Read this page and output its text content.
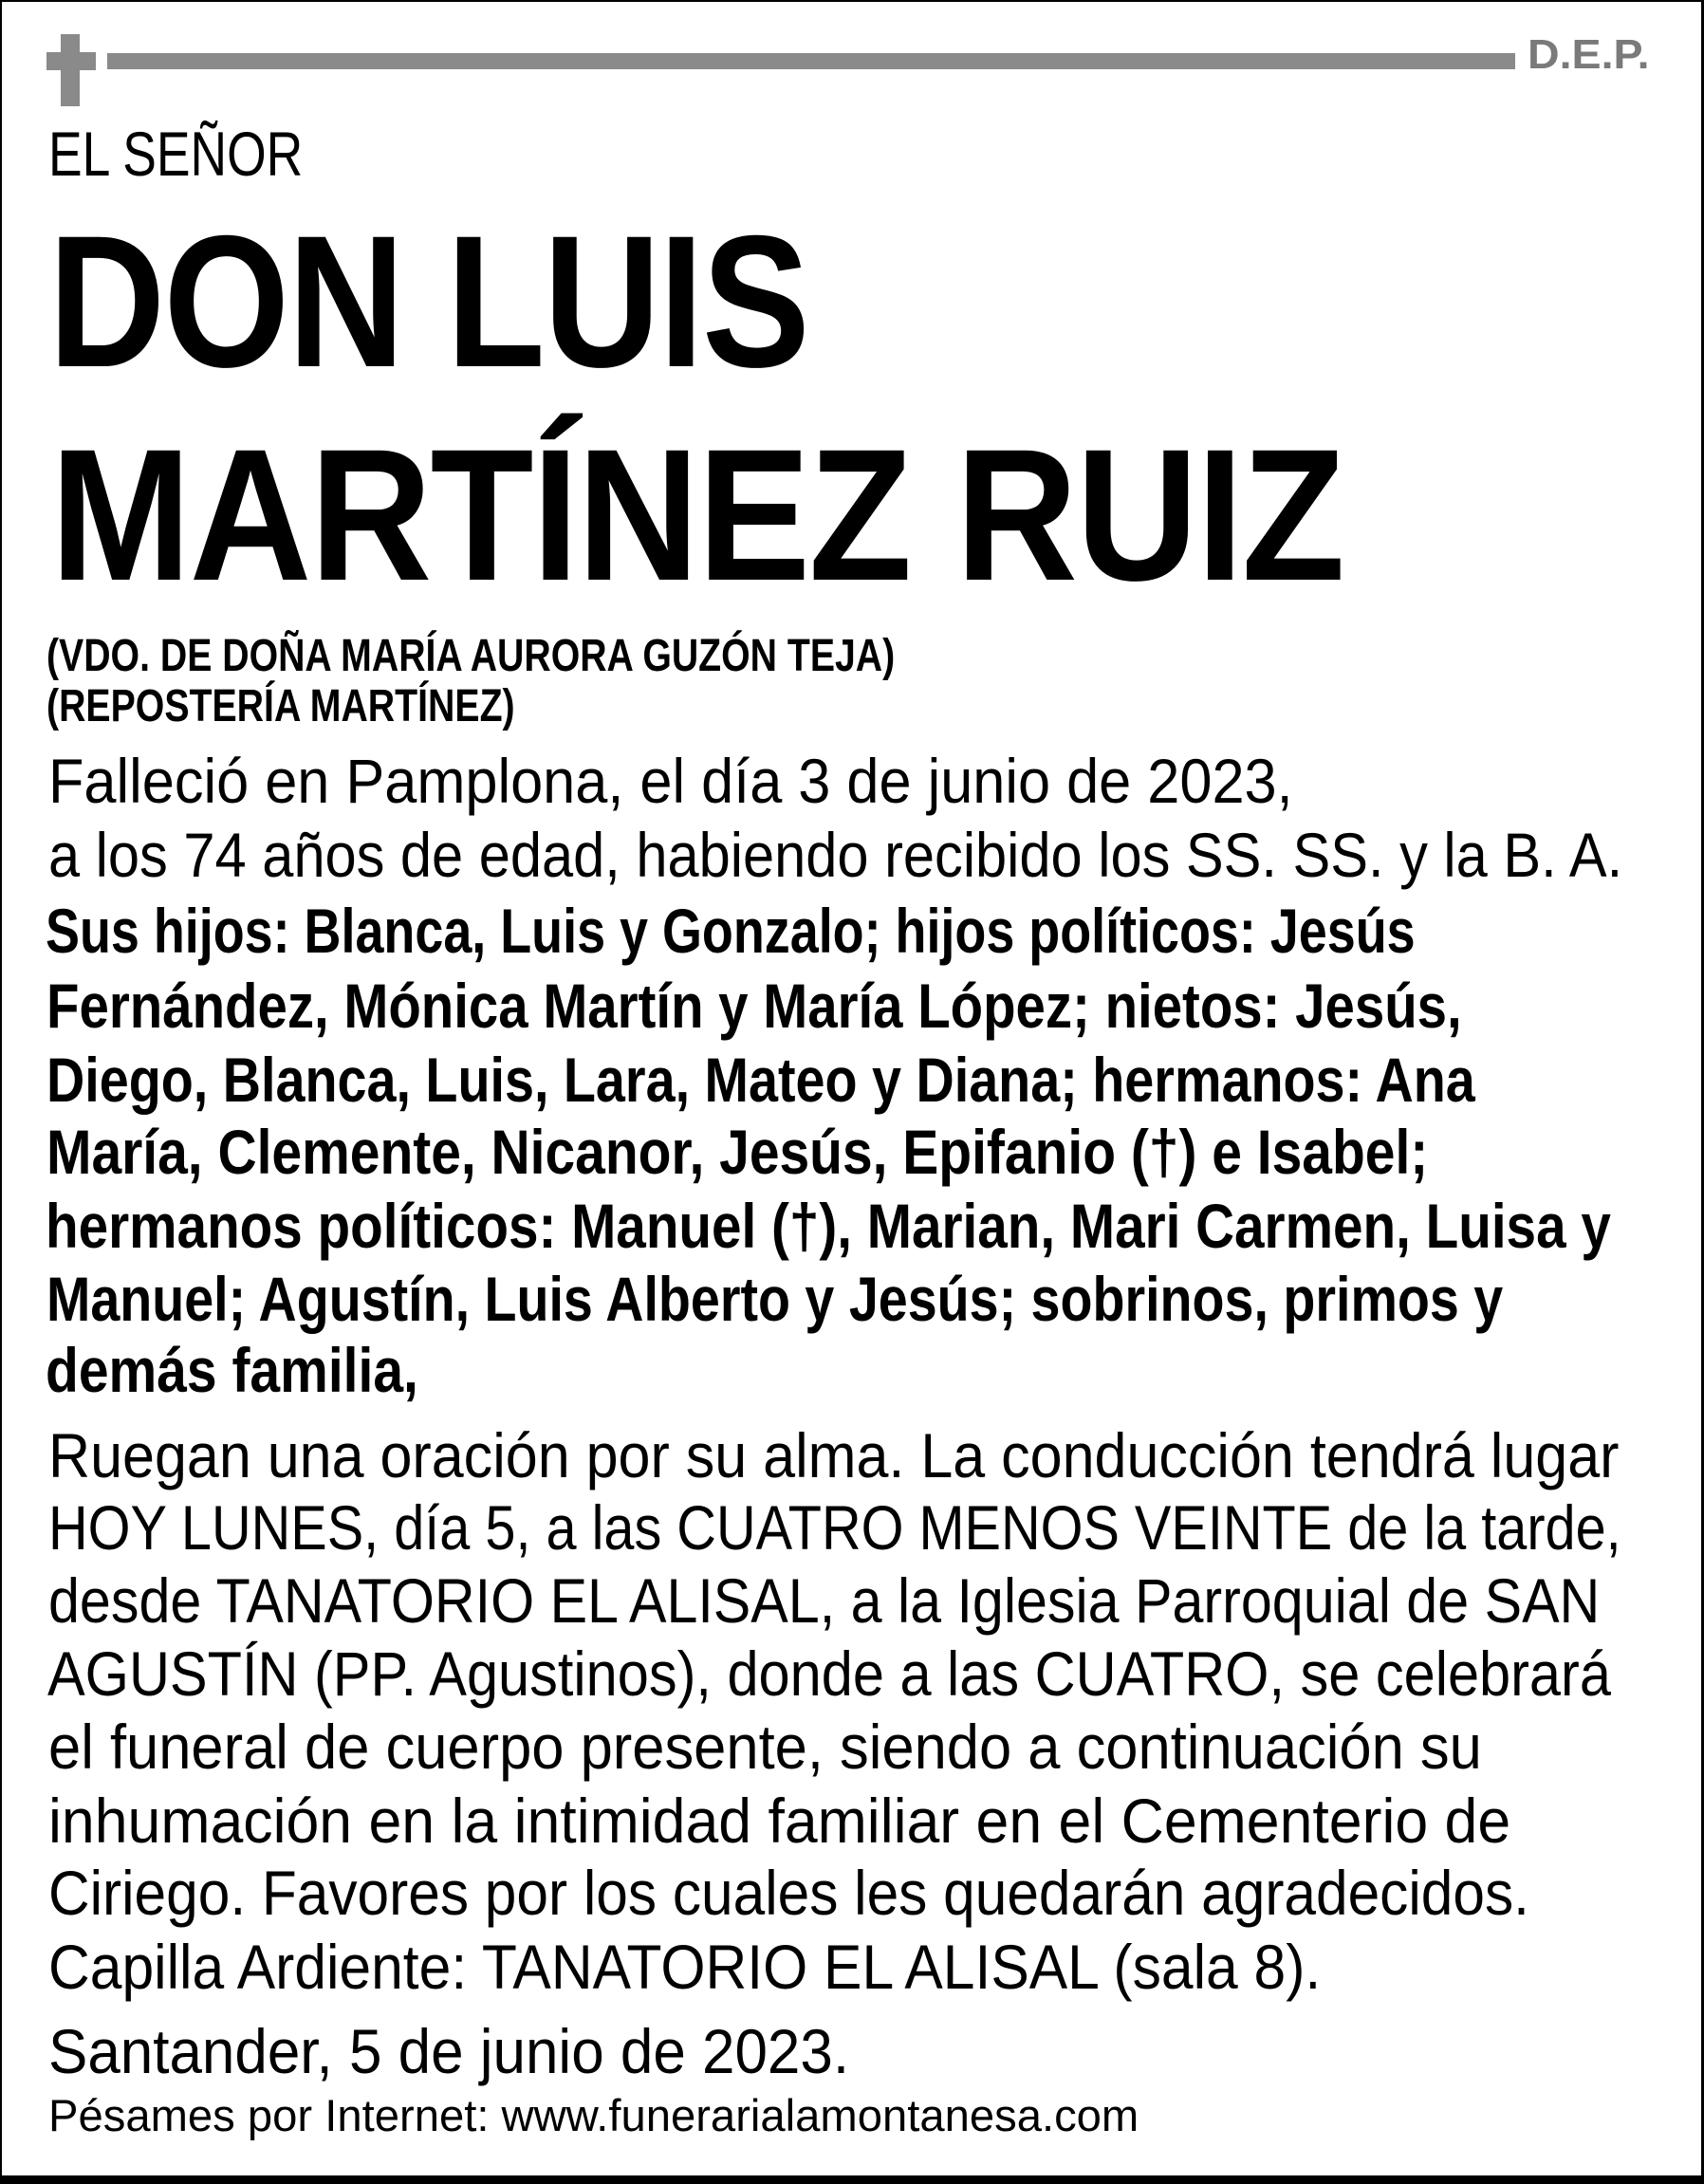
D.E.P.
EL SEÑOR
DON LUIS
MARTÍNEZ RUIZ
(VDO. DE DOÑA MARÍA AURORA GUZÓN TEJA)
(REPOSTERÍA MARTÍNEZ)
Falleció en Pamplona, el día 3 de junio de 2023,
a los 74 años de edad, habiendo recibido los SS. SS. y la B. A.
Sus hijos: Blanca, Luis y Gonzalo; hijos políticos: Jesús
Fernández, Mónica Martín y María López; nietos: Jesús,
Diego, Blanca, Luis, Lara, Mateo y Diana; hermanos: Ana
María, Clemente, Nicanor, Jesús, Epifanio (†) e Isabel;
hermanos políticos: Manuel (†), Marian, Mari Carmen, Luisa y
Manuel; Agustín, Luis Alberto y Jesús; sobrinos, primos y
demás familia,
Ruegan una oración por su alma. La conducción tendrá lugar
HOY LUNES, día 5, a las CUATRO MENOS VEINTE de la tarde,
desde TANATORIO EL ALISAL, a la Iglesia Parroquial de SAN
AGUSTÍN (PP. Agustinos), donde a las CUATRO, se celebrará
el funeral de cuerpo presente, siendo a continuación su
inhumación en la intimidad familiar en el Cementerio de
Ciriego. Favores por los cuales les quedarán agradecidos.
Capilla Ardiente: TANATORIO EL ALISAL (sala 8).
Santander, 5 de junio de 2023.
Pésames por Internet: www.funerarialamontanesa.com
